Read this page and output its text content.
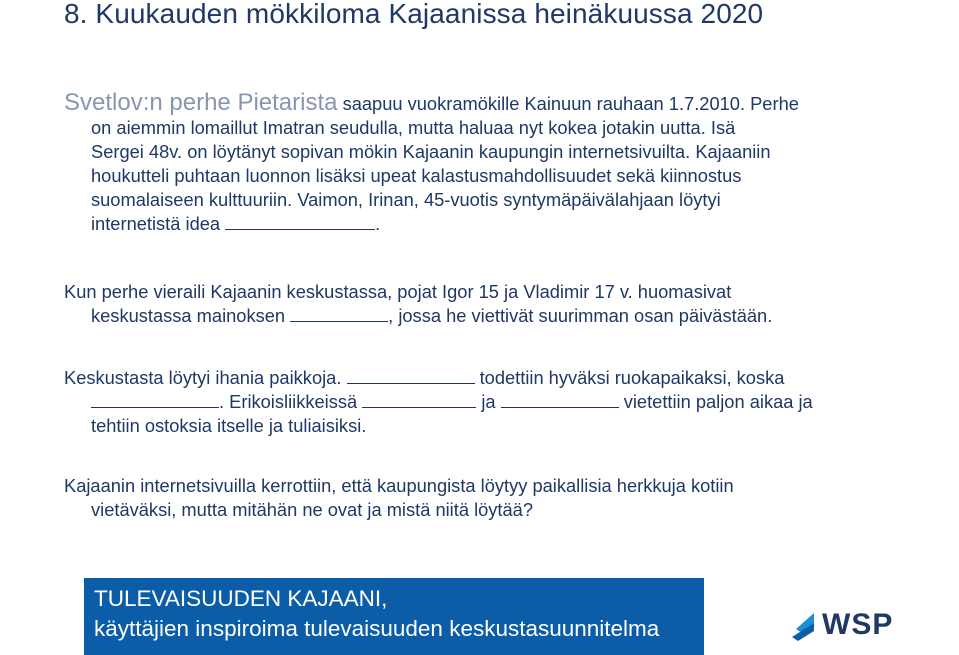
8. Kuukauden mökkiloma Kajaanissa heinäkuussa 2020
Svetlov:n perhe Pietarista saapuu vuokramökille Kainuun rauhaan 1.7.2010. Perhe
on aiemmin lomaillut Imatran seudulla, mutta haluaa nyt kokea jotakin uutta. Isä
Sergei 48v. on löytänyt sopivan mökin Kajaanin kaupungin internetsivuilta. Kajaaniin
houkutteli puhtaan luonnon lisäksi upeat kalastusmahdollisuudet sekä kiinnostus
suomalaiseen kulttuuriin. Vaimon, Irinan, 45-vuotis syntymäpäivälahjaan löytyi
internetistä idea	.
Kun perhe vieraili Kajaanin keskustassa, pojat Igor 15 ja Vladimir 17 v. huomasivat
keskustassa mainoksen	, jossa he viettivät suurimman osan päivästään.
Keskustasta löytyi ihania paikkoja.	todettiin hyväksi ruokapaikaksi, koska
. Erikoisliikkeissä	ja	vietettiin paljon aikaa ja
tehtiin ostoksia itselle ja tuliaisiksi.
Kajaanin internetsivuilla kerrottiin, että kaupungista löytyy paikallisia herkkuja kotiin
vietäväksi, mutta mitähän ne ovat ja mistä niitä löytää?
TULEVAISUUDEN KAJAANI,
käyttäjien inspiroima tulevaisuuden keskustasuunnitelma	WSP
